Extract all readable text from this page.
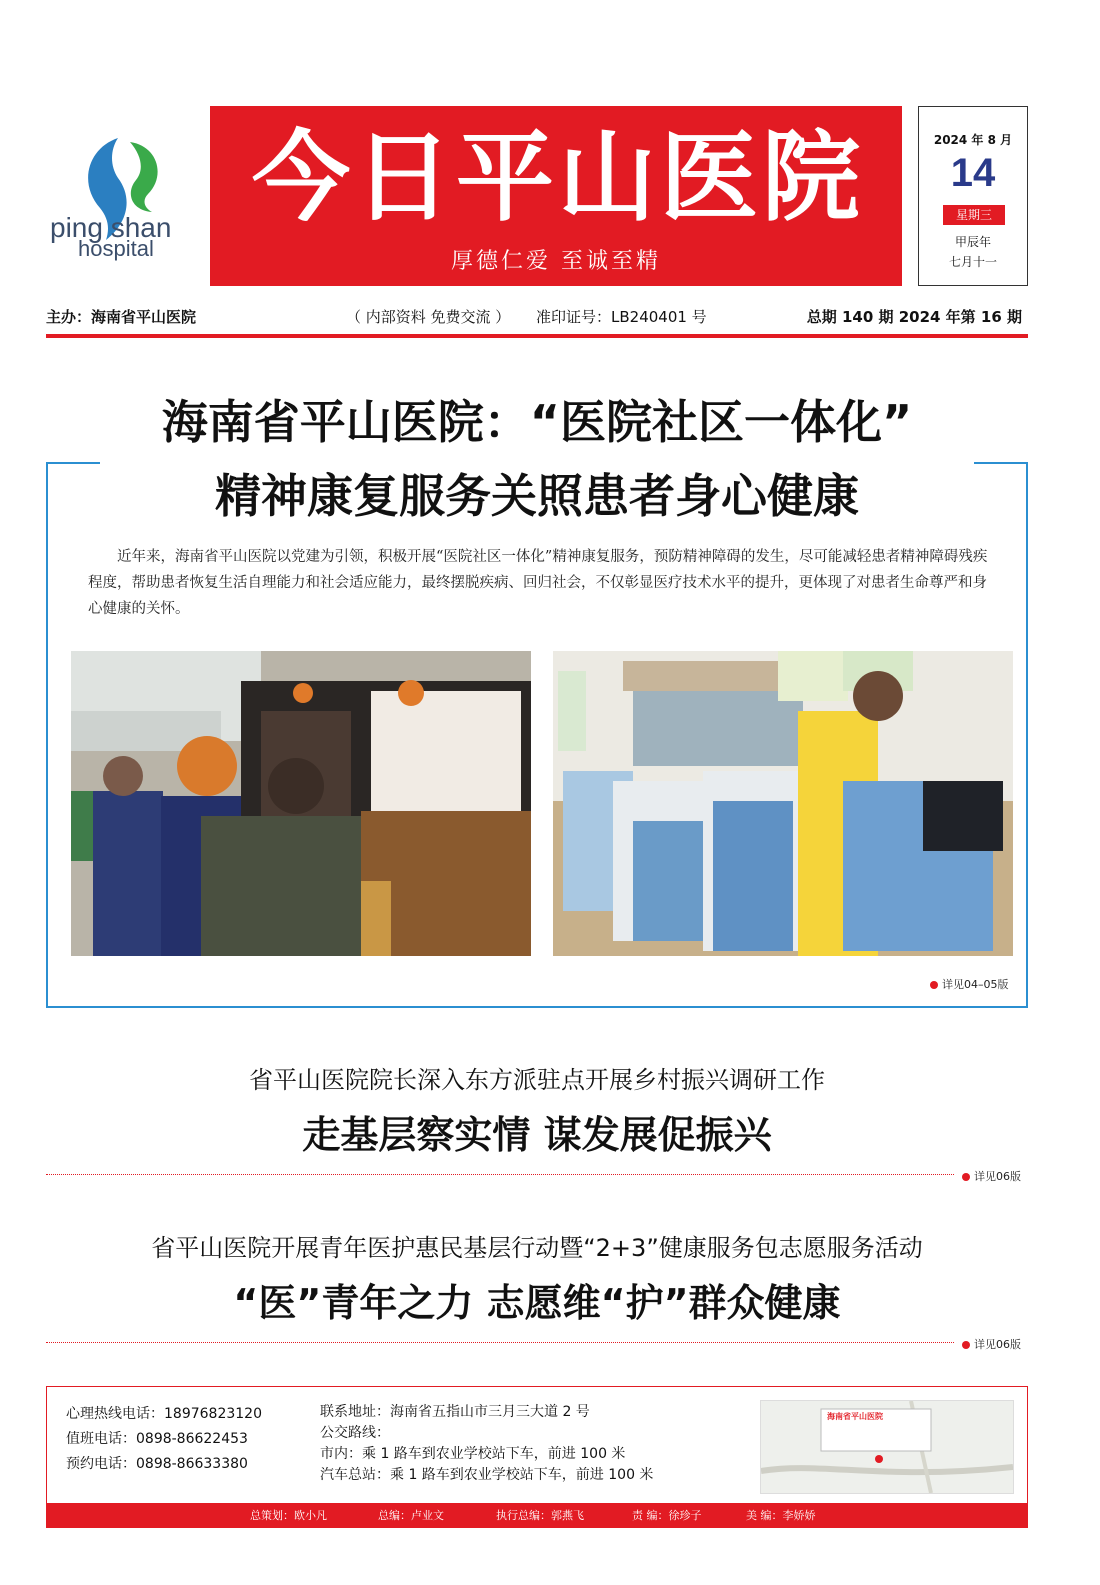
ping shan
hospital
今日平山医院
厚德仁爱 至诚至精
2024 年 8 月
14
星期三
甲辰年
七月十一
主办：海南省平山医院	（ 内部资料 免费交流 ） 准印证号：LB240401 号	总期 140 期 2024 年第 16 期
海南省平山医院：“医院社区一体化”
精神康复服务关照患者身心健康
近年来，海南省平山医院以党建为引领，积极开展“医院社区一体化”精神康复服务，预防精神障碍的发生，尽可能减轻患者精神障碍残疾程度，帮助患者恢复生活自理能力和社会适应能力，最终摆脱疾病、回归社会，不仅彰显医疗技术水平的提升，更体现了对患者生命尊严和身心健康的关怀。
详见04–05版
省平山医院院长深入东方派驻点开展乡村振兴调研工作
走基层察实情 谋发展促振兴
详见06版
省平山医院开展青年医护惠民基层行动暨“2+3”健康服务包志愿服务活动
“医”青年之力 志愿维“护”群众健康
详见06版
心理热线电话：18976823120
值班电话：0898-86622453
预约电话：0898-86633380
联系地址：海南省五指山市三月三大道 2 号
公交路线：
市内：乘 1 路车到农业学校站下车，前进 100 米
汽车总站：乘 1 路车到农业学校站下车，前进 100 米
海南省平山医院
总策划：欧小凡	总编：卢业文	执行总编：郭燕飞	责 编：徐珍子	美 编：李娇娇
